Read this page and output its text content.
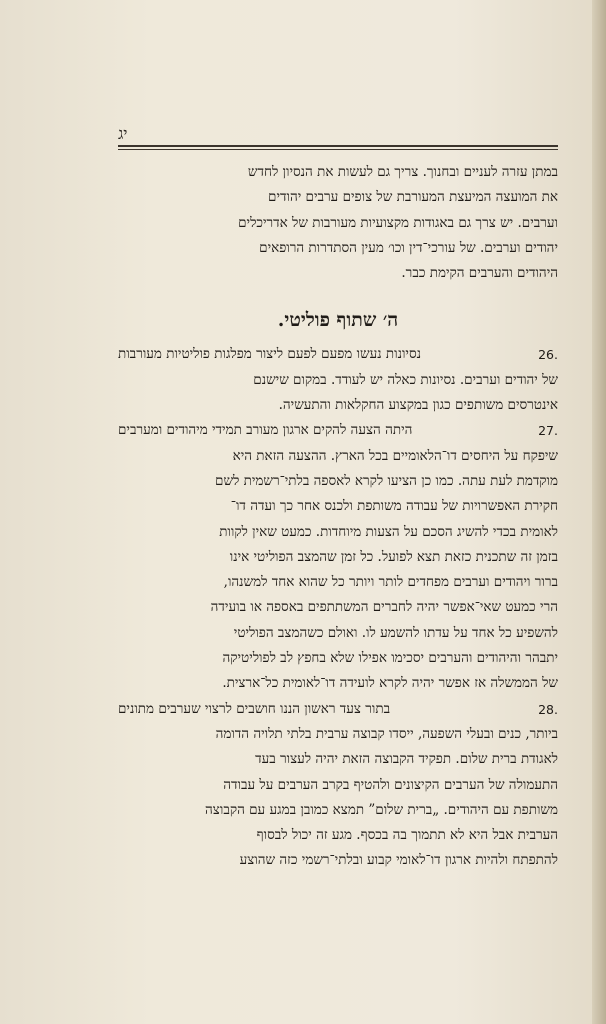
יג
במתן עזרה לעניים ובחנוך. צריך גם לעשות את הנסיון לחדש
את המועצה המיעצת המעורבת של צופים ערבים יהודים
וערבים. יש צרך גם באגודות מקצועיות מעורבות של אדריכלים
יהודים וערבים. של עורכי־דין וכו׳ מעין הסתדרות הרופאים
היהודים והערבים הקימת כבר.
ה׳ שתוף פוליטי.
26.
נסיונות נעשו מפעם לפעם ליצור מפלגות פוליטיות מעורבות
של יהודים וערבים. נסיונות כאלה יש לעודד. במקום שישנם
אינטרסים משותפים כגון במקצוע החקלאות והתעשיה.
27.
היתה הצעה להקים ארגון מעורב תמידי מיהודים ומערבים
שיפקח על היחסים דו־הלאומיים בכל הארץ. ההצעה הזאת היא
מוקדמת לעת עתה. כמו כן הציעו לקרא לאספה בלתי־רשמית לשם
חקירת האפשרויות של עבודה משותפת ולכנס אחר כך ועדה דו־
לאומית בכדי להשיג הסכם על הצעות מיוחדות. כמעט שאין לקוות
בזמן זה שתכנית כזאת תצא לפועל. כל זמן שהמצב הפוליטי אינו
ברור ויהודים וערבים מפחדים לותר ויותר כל שהוא אחד למשנהו,
הרי כמעט שאי־אפשר יהיה לחברים המשתתפים באספה או בועידה
להשפיע כל אחד על עדתו להשמע לו. ואולם כשהמצב הפוליטי
יתבהר והיהודים והערבים יסכימו אפילו שלא בחפץ לב לפוליטיקה
של הממשלה אז אפשר יהיה לקרא לועידה דו־לאומית כל־ארצית.
28.
בתור צעד ראשון הננו חושבים לרצוי שערבים מתונים
ביותר, כנים ובעלי השפעה, ייסדו קבוצה ערבית בלתי תלויה הדומה
לאגודת ברית שלום. תפקיד הקבוצה הזאת יהיה לעצור בעד
התעמולה של הערבים הקיצונים ולהטיף בקרב הערבים על עבודה
משותפת עם היהודים. „ברית שלום” תמצא כמובן במגע עם הקבוצה
הערבית אבל היא לא תתמוך בה בכסף. מגע זה יכול לבסוף
להתפתח ולהיות ארגון דו־לאומי קבוע ובלתי־רשמי כזה שהוצע
